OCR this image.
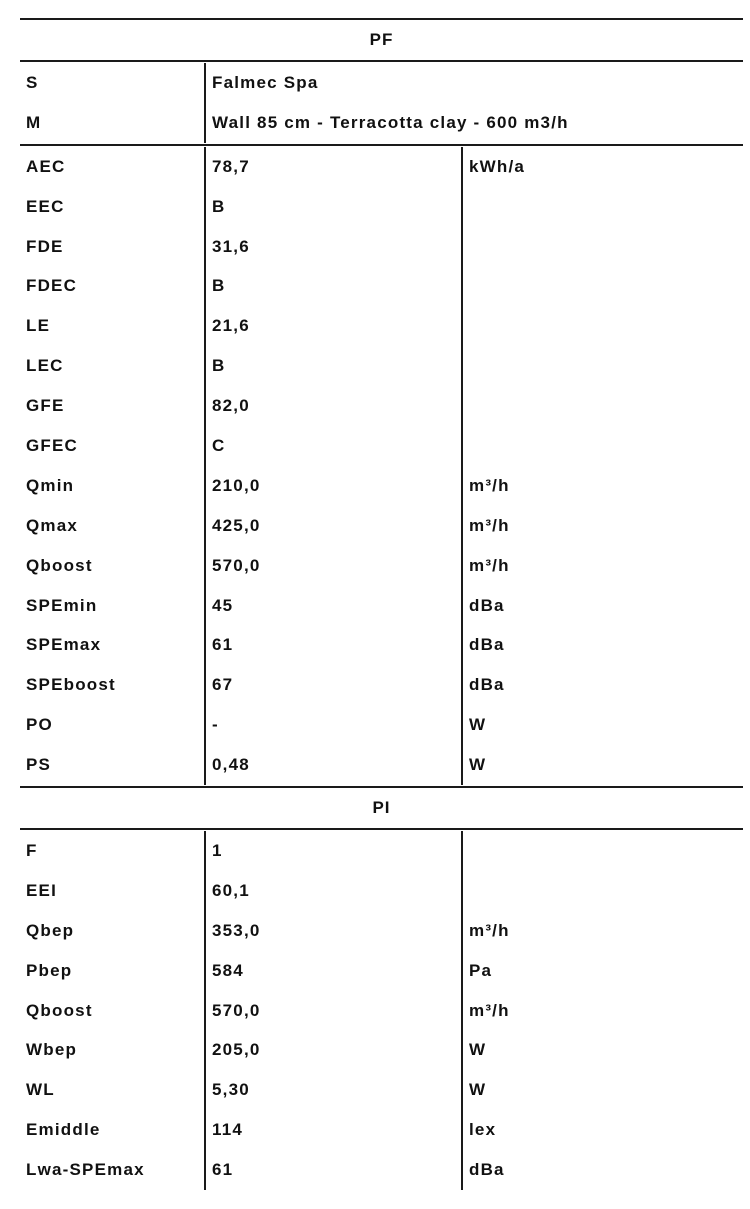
PF
S	Falmec Spa
M	Wall 85 cm - Terracotta clay - 600 m3/h
AEC	78,7	kWh/a
EEC	B
FDE	31,6
FDEC	B
LE	21,6
LEC	B
GFE	82,0
GFEC	C
Qmin	210,0	m³/h
Qmax	425,0	m³/h
Qboost	570,0	m³/h
SPEmin	45	dBa
SPEmax	61	dBa
SPEboost	67	dBa
PO	-	W
PS	0,48	W
PI
F	1
EEI	60,1
Qbep	353,0	m³/h
Pbep	584	Pa
Qboost	570,0	m³/h
Wbep	205,0	W
WL	5,30	W
Emiddle	114	lex
Lwa-SPEmax	61	dBa
